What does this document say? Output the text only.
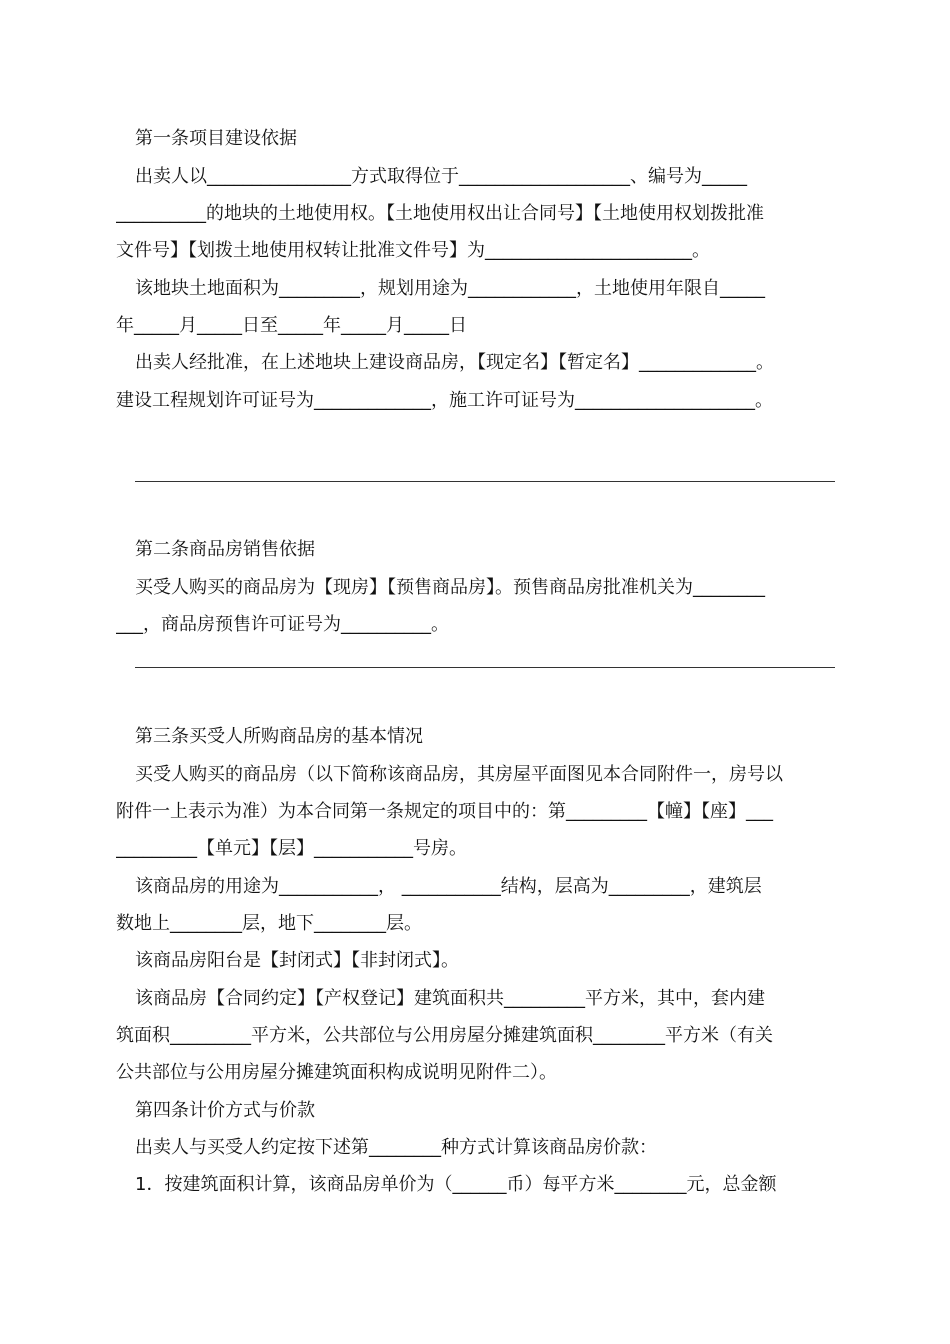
第一条项目建设依据
出卖人以________________方式取得位于___________________、编号为_____
__________的地块的土地使用权。【土地使用权出让合同号】【土地使用权划拨批准
文件号】【划拨土地使用权转让批准文件号】为_______________________。
该地块土地面积为_________，规划用途为____________，土地使用年限自_____
年_____月_____日至_____年_____月_____日
出卖人经批准，在上述地块上建设商品房，【现定名】【暂定名】_____________。
建设工程规划许可证号为_____________，施工许可证号为____________________。
第二条商品房销售依据
买受人购买的商品房为【现房】【预售商品房】。预售商品房批准机关为________
___，商品房预售许可证号为__________。
第三条买受人所购商品房的基本情况
买受人购买的商品房（以下简称该商品房，其房屋平面图见本合同附件一，房号以
附件一上表示为准）为本合同第一条规定的项目中的：第_________【幢】【座】___
_________【单元】【层】___________号房。
该商品房的用途为___________， ___________结构，层高为_________，建筑层
数地上________层，地下________层。
该商品房阳台是【封闭式】【非封闭式】。
该商品房【合同约定】【产权登记】建筑面积共_________平方米，其中，套内建
筑面积_________平方米，公共部位与公用房屋分摊建筑面积________平方米（有关
公共部位与公用房屋分摊建筑面积构成说明见附件二）。
第四条计价方式与价款
出卖人与买受人约定按下述第________种方式计算该商品房价款：
1．按建筑面积计算，该商品房单价为（______币）每平方米________元，总金额
